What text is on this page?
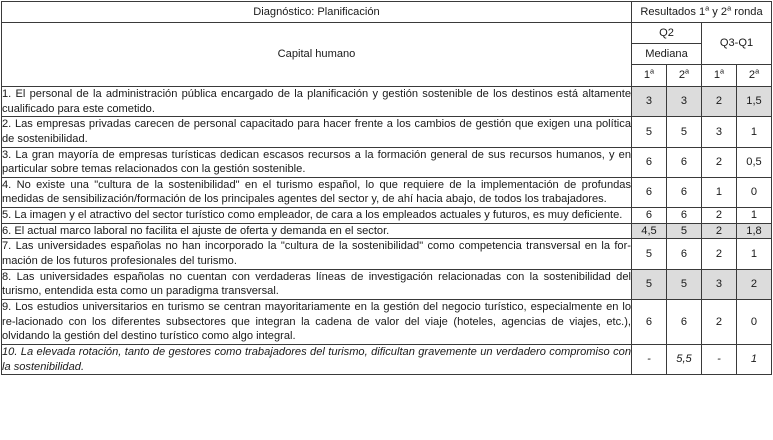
Diagnóstico: Planificación	Resultados 1$^a$ y 2$^a$ ronda			
Capital humano	Q2		Q3-Q1	
	Mediana			
	1$^a$	2$^a$	1$^a$	2$^a$
1. El personal de la administración pública encargado de la planificación y gestión sostenible de los destinos está altamente cualificado para este cometido.	3	3	2	1,5
2. Las empresas privadas carecen de personal capacitado para hacer frente a los cambios de gestión que exigen una política de sostenibilidad.	5	5	3	1
3. La gran mayoría de empresas turísticas dedican escasos recursos a la formación general de sus recursos humanos, y en particular sobre temas relacionados con la gestión sostenible.	6	6	2	0,5
4. No existe una "cultura de la sostenibilidad" en el turismo español, lo que requiere de la implementación de profundas medidas de sensibilización/formación de los principales agentes del sector y, de ahí hacia abajo, de todos los trabajadores.	6	6	1	0
5. La imagen y el atractivo del sector turístico como empleador, de cara a los empleados actuales y futuros, es muy deficiente.	6	6	2	1
6. El actual marco laboral no facilita el ajuste de oferta y demanda en el sector.	4,5	5	2	1,8
7. Las universidades españolas no han incorporado la "cultura de la sostenibilidad" como competencia transversal en la for-mación de los futuros profesionales del turismo.	5	6	2	1
8. Las universidades españolas no cuentan con verdaderas líneas de investigación relacionadas con la sostenibilidad del turismo, entendida esta como un paradigma transversal.	5	5	3	2
9. Los estudios universitarios en turismo se centran mayoritariamente en la gestión del negocio turístico, especialmente en lo re-lacionado con los diferentes subsectores que integran la cadena de valor del viaje (hoteles, agencias de viajes, etc.), olvidando la gestión del destino turístico como algo integral.	6	6	2	0
10. La elevada rotación, tanto de gestores como trabajadores del turismo, dificultan gravemente un verdadero compromiso con la sostenibilidad.	-	5,5	-	1
